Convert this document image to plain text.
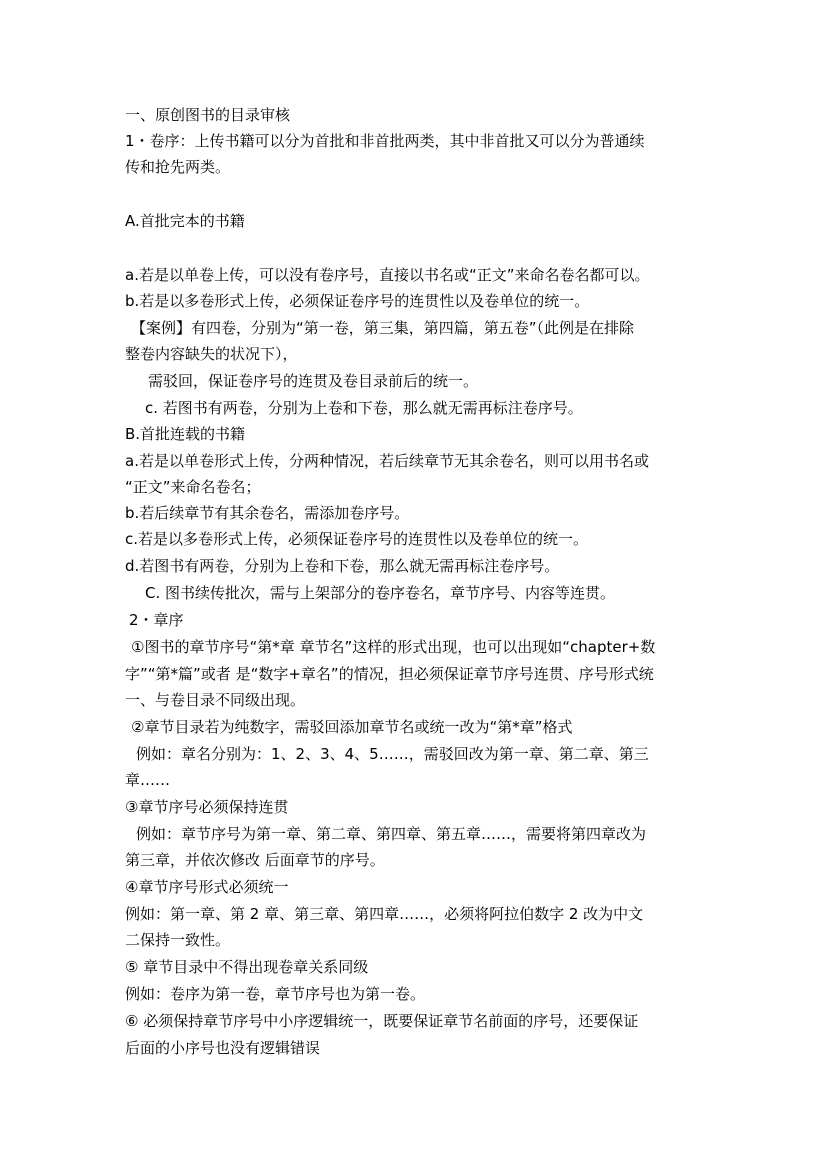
一、原创图书的目录审核
1・卷序：上传书籍可以分为首批和非首批两类，其中非首批又可以分为普通续
传和抢先两类。
A.首批完本的书籍
a.若是以单卷上传，可以没有卷序号，直接以书名或“正文”来命名卷名都可以。
b.若是以多卷形式上传，必须保证卷序号的连贯性以及卷单位的统一。
【案例】有四卷，分别为“第一卷，第三集，第四篇，第五卷”（此例是在排除
整卷内容缺失的状况下），
需驳回，保证卷序号的连贯及卷目录前后的统一。
c. 若图书有两卷，分别为上卷和下卷，那么就无需再标注卷序号。
B.首批连载的书籍
a.若是以单卷形式上传，分两种情况，若后续章节无其余卷名，则可以用书名或
“正文”来命名卷名；
b.若后续章节有其余卷名，需添加卷序号。
c.若是以多卷形式上传，必须保证卷序号的连贯性以及卷单位的统一。
d.若图书有两卷，分别为上卷和下卷，那么就无需再标注卷序号。
C. 图书续传批次，需与上架部分的卷序卷名，章节序号、内容等连贯。
2・章序
①图书的章节序号“第*章 章节名”这样的形式出现，也可以出现如“chapter+数
字”“第*篇”或者 是“数字+章名”的情况，担必须保证章节序号连贯、序号形式统
一、与卷目录不同级出现。
②章节目录若为纯数字，需驳回添加章节名或统一改为“第*章”格式
例如：章名分别为：1、2、3、4、5……，需驳回改为第一章、第二章、第三
章……
③章节序号必须保持连贯
例如：章节序号为第一章、第二章、第四章、第五章……，需要将第四章改为
第三章，并依次修改 后面章节的序号。
④章节序号形式必须统一
例如：第一章、第 2 章、第三章、第四章……，必须将阿拉伯数字 2 改为中文
二保持一致性。
⑤ 章节目录中不得出现卷章关系同级
例如：卷序为第一卷，章节序号也为第一卷。
⑥ 必须保持章节序号中小序逻辑统一，既要保证章节名前面的序号，还要保证
后面的小序号也没有逻辑错误
